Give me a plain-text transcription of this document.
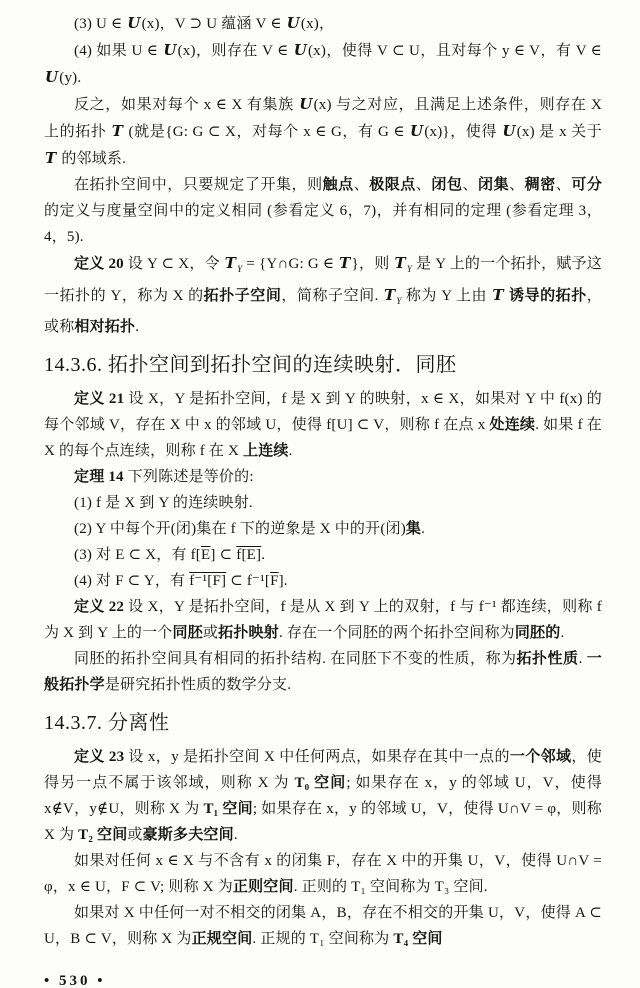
(3) U ∈ U(x)，V ⊃ U 蕴涵 V ∈ U(x)，

(4) 如果 U ∈ U(x)，则存在 V ∈ U(x)，使得 V ⊂ U，且对每个 y ∈ V，有 V ∈ U(y).

反之，如果对每个 x ∈ X 有集族 U(x) 与之对应，且满足上述条件，则存在 X 上的拓扑 T (就是{G: G ⊂ X，对每个 x ∈ G，有 G ∈ U(x)}，使得 U(x) 是 x 关于 T 的邻域系.

在拓扑空间中，只要规定了开集，则触点、极限点、闭包、闭集、稠密、可分的定义与度量空间中的定义相同 (参看定义 6，7)，并有相同的定理 (参看定理 3，4，5).

定义 20 设 Y ⊂ X，令 $T_Y$ = {Y∩G: G ∈ T}，则 $T_Y$ 是 Y 上的一个拓扑，赋予这一拓扑的 Y，称为 X 的拓扑子空间，简称子空间. $T_Y$ 称为 Y 上由 T 诱导的拓扑，或称相对拓扑.

14.3.6. 拓扑空间到拓扑空间的连续映射．同胚

定义 21 设 X，Y 是拓扑空间，f 是 X 到 Y 的映射，x ∈ X，如果对 Y 中 f(x) 的每个邻域 V，存在 X 中 x 的邻域 U，使得 f[U] ⊂ V，则称 f 在点 x 处连续. 如果 f 在 X 的每个点连续，则称 f 在 X 上连续.

定理 14 下列陈述是等价的:

(1) f 是 X 到 Y 的连续映射.

(2) Y 中每个开(闭)集在 f 下的逆象是 X 中的开(闭)集.

(3) 对 E ⊂ X，有 $f[\overline{E}]$ ⊂ f[E].

(4) 对 F ⊂ Y，有 f⁻¹[F] ⊂ $f^{-1}[\overline{F}]$.

定义 22 设 X，Y 是拓扑空间，f 是从 X 到 Y 上的双射，f 与 f⁻¹ 都连续，则称 f 为 X 到 Y 上的一个同胚或拓扑映射. 存在一个同胚的两个拓扑空间称为同胚的.

同胚的拓扑空间具有相同的拓扑结构. 在同胚下不变的性质，称为拓扑性质. 一般拓扑学是研究拓扑性质的数学分支.

14.3.7. 分离性

定义 23 设 x，y 是拓扑空间 X 中任何两点，如果存在其中一点的一个邻域，使得另一点不属于该邻域，则称 X 为 T₀ 空间; 如果存在 x，y 的邻域 U，V，使得 x∉V，y∉U，则称 X 为 T₁ 空间; 如果存在 x，y 的邻域 U，V，使得 U∩V = φ，则称 X 为 T₂ 空间或豪斯多夫空间.

如果对任何 x ∈ X 与不含有 x 的闭集 F，存在 X 中的开集 U，V，使得 U∩V = φ，x ∈ U，F ⊂ V; 则称 X 为正则空间. 正则的 T₁ 空间称为 T₃ 空间.

如果对 X 中任何一对不相交的闭集 A，B，存在不相交的开集 U，V，使得 A ⊂ U，B ⊂ V，则称 X 为正规空间. 正规的 T₁ 空间称为 T₄ 空间

• 530 •
